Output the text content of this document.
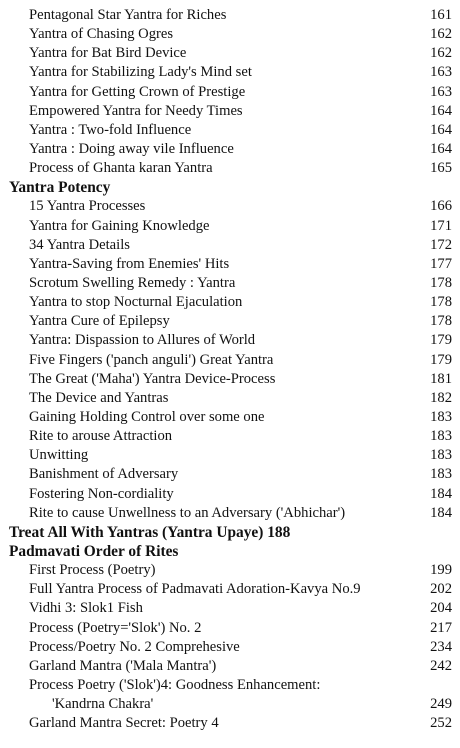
Pentagonal Star Yantra for Riches	161
Yantra of Chasing Ogres	162
Yantra for Bat Bird Device	162
Yantra for Stabilizing Lady's Mind set	163
Yantra for Getting Crown of Prestige	163
Empowered Yantra for Needy Times	164
Yantra : Two-fold Influence	164
Yantra : Doing away vile Influence	164
Process of Ghanta karan Yantra	165
Yantra Potency
15 Yantra Processes	166
Yantra for Gaining Knowledge	171
34 Yantra Details	172
Yantra-Saving from Enemies' Hits	177
Scrotum Swelling Remedy : Yantra	178
Yantra to stop Nocturnal Ejaculation	178
Yantra Cure of Epilepsy	178
Yantra: Dispassion to Allures of World	179
Five Fingers ('panch anguli') Great Yantra	179
The Great ('Maha') Yantra Device-Process	181
The Device and Yantras	182
Gaining Holding Control over some one	183
Rite to arouse Attraction	183
Unwitting	183
Banishment of Adversary	183
Fostering Non-cordiality	184
Rite to cause Unwellness to an Adversary ('Abhichar')	184
Treat All With Yantras (Yantra Upaye) 188
Padmavati Order of Rites
First Process (Poetry)	199
Full Yantra Process of Padmavati Adoration-Kavya No.9	202
Vidhi 3: Slok1 Fish	204
Process (Poetry='Slok') No. 2	217
Process/Poetry No. 2 Comprehesive	234
Garland Mantra ('Mala Mantra')	242
Process Poetry ('Slok')4: Goodness Enhancement:
'Kandrna Chakra'	249
Garland Mantra Secret: Poetry 4	252
